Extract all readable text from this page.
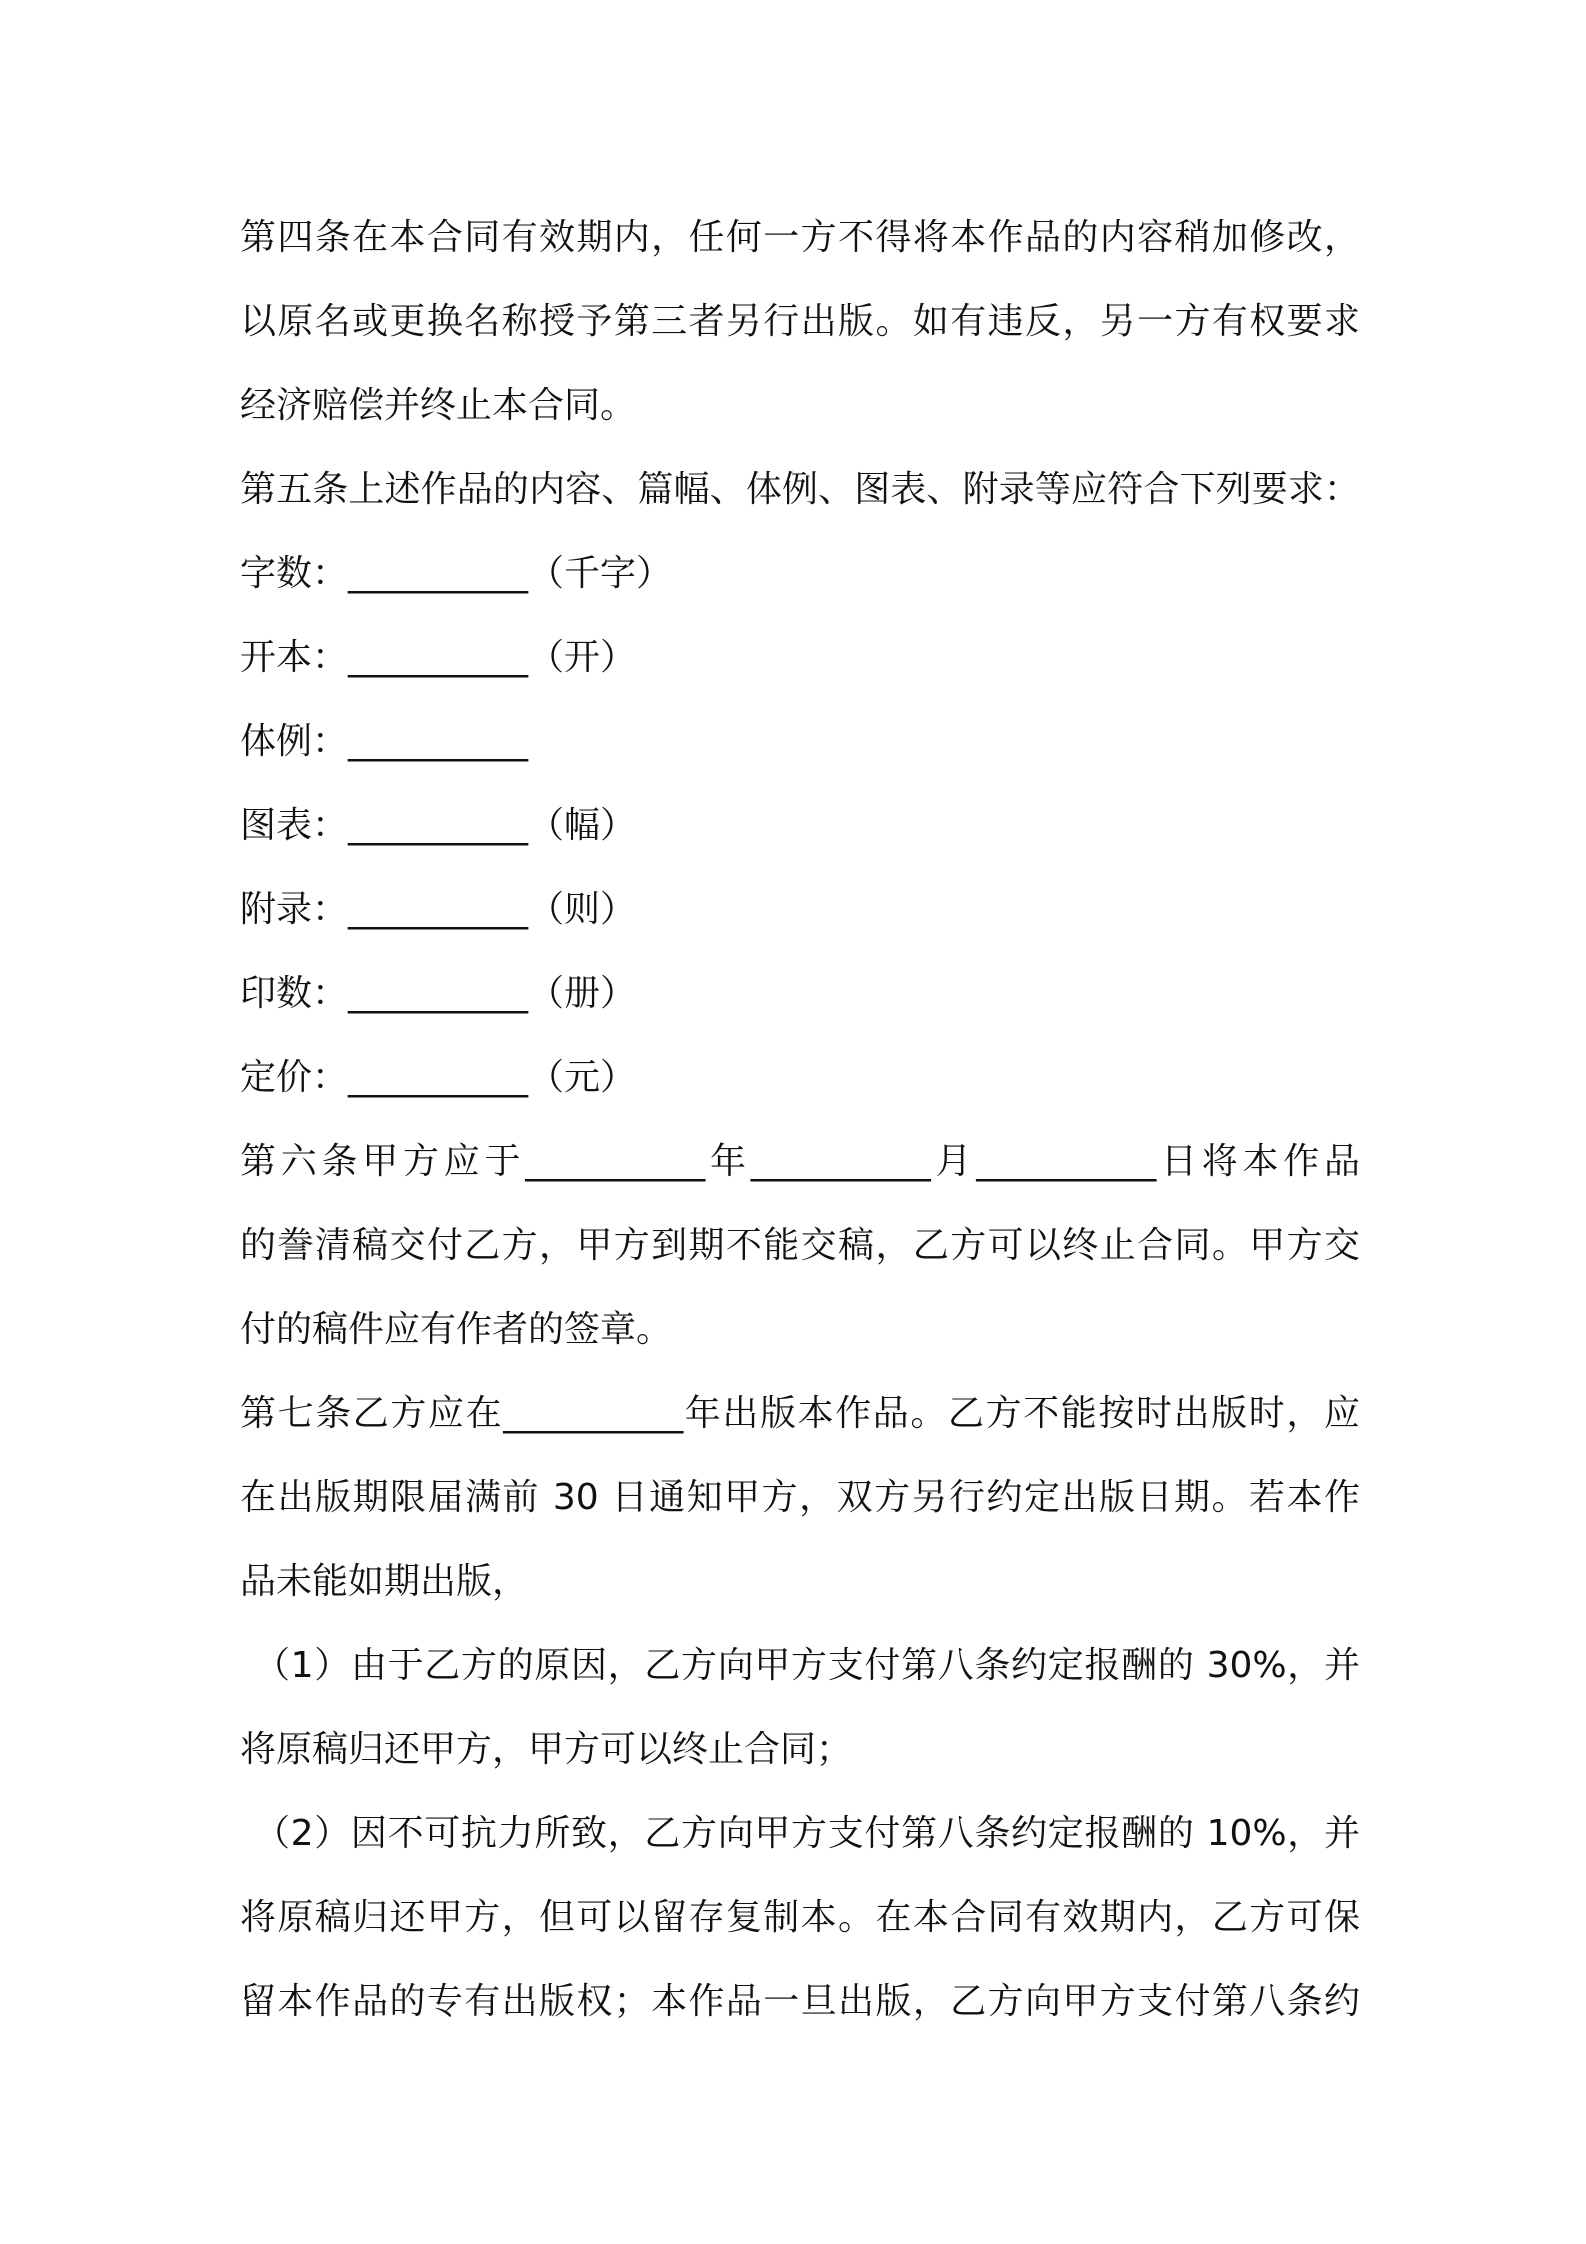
第四条在本合同有效期内，任何一方不得将本作品的内容稍加修改，
以原名或更换名称授予第三者另行出版。如有违反，另一方有权要求
经济赔偿并终止本合同。
第五条上述作品的内容、篇幅、体例、图表、附录等应符合下列要求：
字数：__________（千字）
开本：__________（开）
体例：__________
图表：__________（幅）
附录：__________（则）
印数：__________（册）
定价：__________（元）
第六条甲方应于__________年__________月__________日将本作品
的誊清稿交付乙方，甲方到期不能交稿，乙方可以终止合同。甲方交
付的稿件应有作者的签章。
第七条乙方应在__________年出版本作品。乙方不能按时出版时，应
在出版期限届满前 30 日通知甲方，双方另行约定出版日期。若本作
品未能如期出版，
（1）由于乙方的原因，乙方向甲方支付第八条约定报酬的 30%，并
将原稿归还甲方，甲方可以终止合同；
（2）因不可抗力所致，乙方向甲方支付第八条约定报酬的 10%，并
将原稿归还甲方，但可以留存复制本。在本合同有效期内，乙方可保
留本作品的专有出版权；本作品一旦出版，乙方向甲方支付第八条约
